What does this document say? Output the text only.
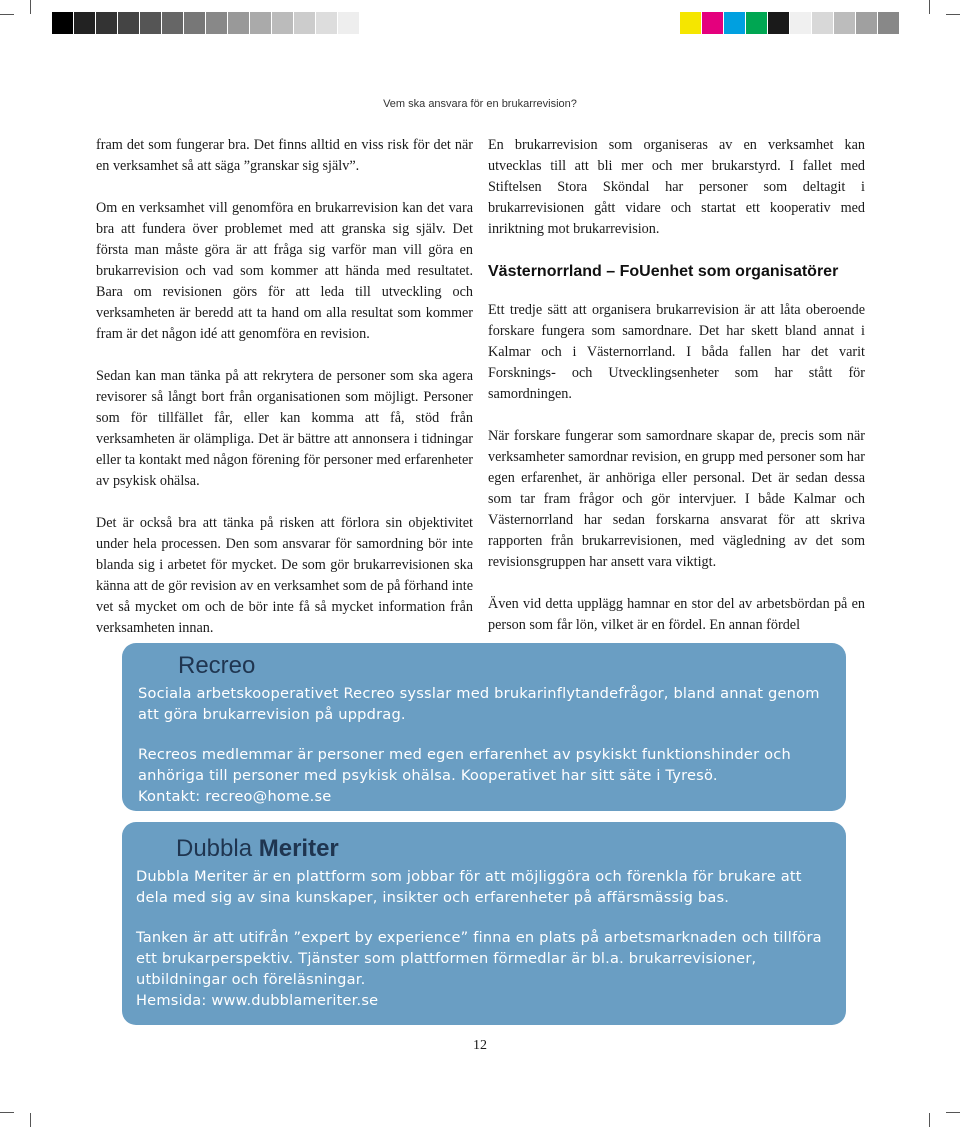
Vem ska ansvara för en brukarrevision?

fram det som fungerar bra. Det finns alltid en viss risk för det när en verksamhet så att säga ”granskar sig själv”.

Om en verksamhet vill genomföra en brukarrevision kan det vara bra att fundera över problemet med att granska sig själv. Det första man måste göra är att fråga sig varför man vill göra en brukarrevision och vad som kommer att hända med resultatet. Bara om revisionen görs för att leda till utveckling och verksamheten är beredd att ta hand om alla resultat som kommer fram är det någon idé att genomföra en revision.

Sedan kan man tänka på att rekrytera de personer som ska agera revisorer så långt bort från organisationen som möjligt. Personer som för tillfället får, eller kan komma att få, stöd från verksamheten är olämpliga. Det är bättre att annonsera i tidningar eller ta kontakt med någon förening för personer med erfarenheter av psykisk ohälsa.

Det är också bra att tänka på risken att förlora sin objektivitet under hela processen. Den som ansvarar för samordning bör inte blanda sig i arbetet för mycket. De som gör brukarrevisionen ska känna att de gör revision av en verksamhet som de på förhand inte vet så mycket om och de bör inte få så mycket information från verksamheten innan.

En brukarrevision som organiseras av en verksamhet kan utvecklas till att bli mer och mer brukarstyrd. I fallet med Stiftelsen Stora Sköndal har personer som deltagit i brukarrevisionen gått vidare och startat ett kooperativ med inriktning mot brukarrevision.

Västernorrland – FoUenhet som organisatörer

Ett tredje sätt att organisera brukarrevision är att låta oberoende forskare fungera som samordnare. Det har skett bland annat i Kalmar och i Västernorrland. I båda fallen har det varit Forsknings- och Utvecklingsenheter som har stått för samordningen.

När forskare fungerar som samordnare skapar de, precis som när verksamheter samordnar revision, en grupp med personer som har egen erfarenhet, är anhöriga eller personal. Det är sedan dessa som tar fram frågor och gör intervjuer. I både Kalmar och Västernorrland har sedan forskarna ansvarat för att skriva rapporten från brukarrevisionen, med vägledning av det som revisionsgruppen har ansett vara viktigt.

Även vid detta upplägg hamnar en stor del av arbetsbördan på en person som får lön, vilket är en fördel. En annan fördel

Recreo

Sociala arbetskooperativet Recreo sysslar med brukarinflytandefrågor, bland annat genom att göra brukarrevision på uppdrag.

Recreos medlemmar är personer med egen erfarenhet av psykiskt funktionshinder och anhöriga till personer med psykisk ohälsa. Kooperativet har sitt säte i Tyresö.

Kontakt: recreo@home.se

Dubbla Meriter

Dubbla Meriter är en plattform som jobbar för att möjliggöra och förenkla för brukare att dela med sig av sina kunskaper, insikter och erfarenheter på affärsmässig bas.

Tanken är att utifrån ”expert by experience” finna en plats på arbetsmarknaden och tillföra ett brukarperspektiv. Tjänster som plattformen förmedlar är bl.a. brukarrevisioner, utbildningar och föreläsningar.

Hemsida: www.dubblameriter.se

12
